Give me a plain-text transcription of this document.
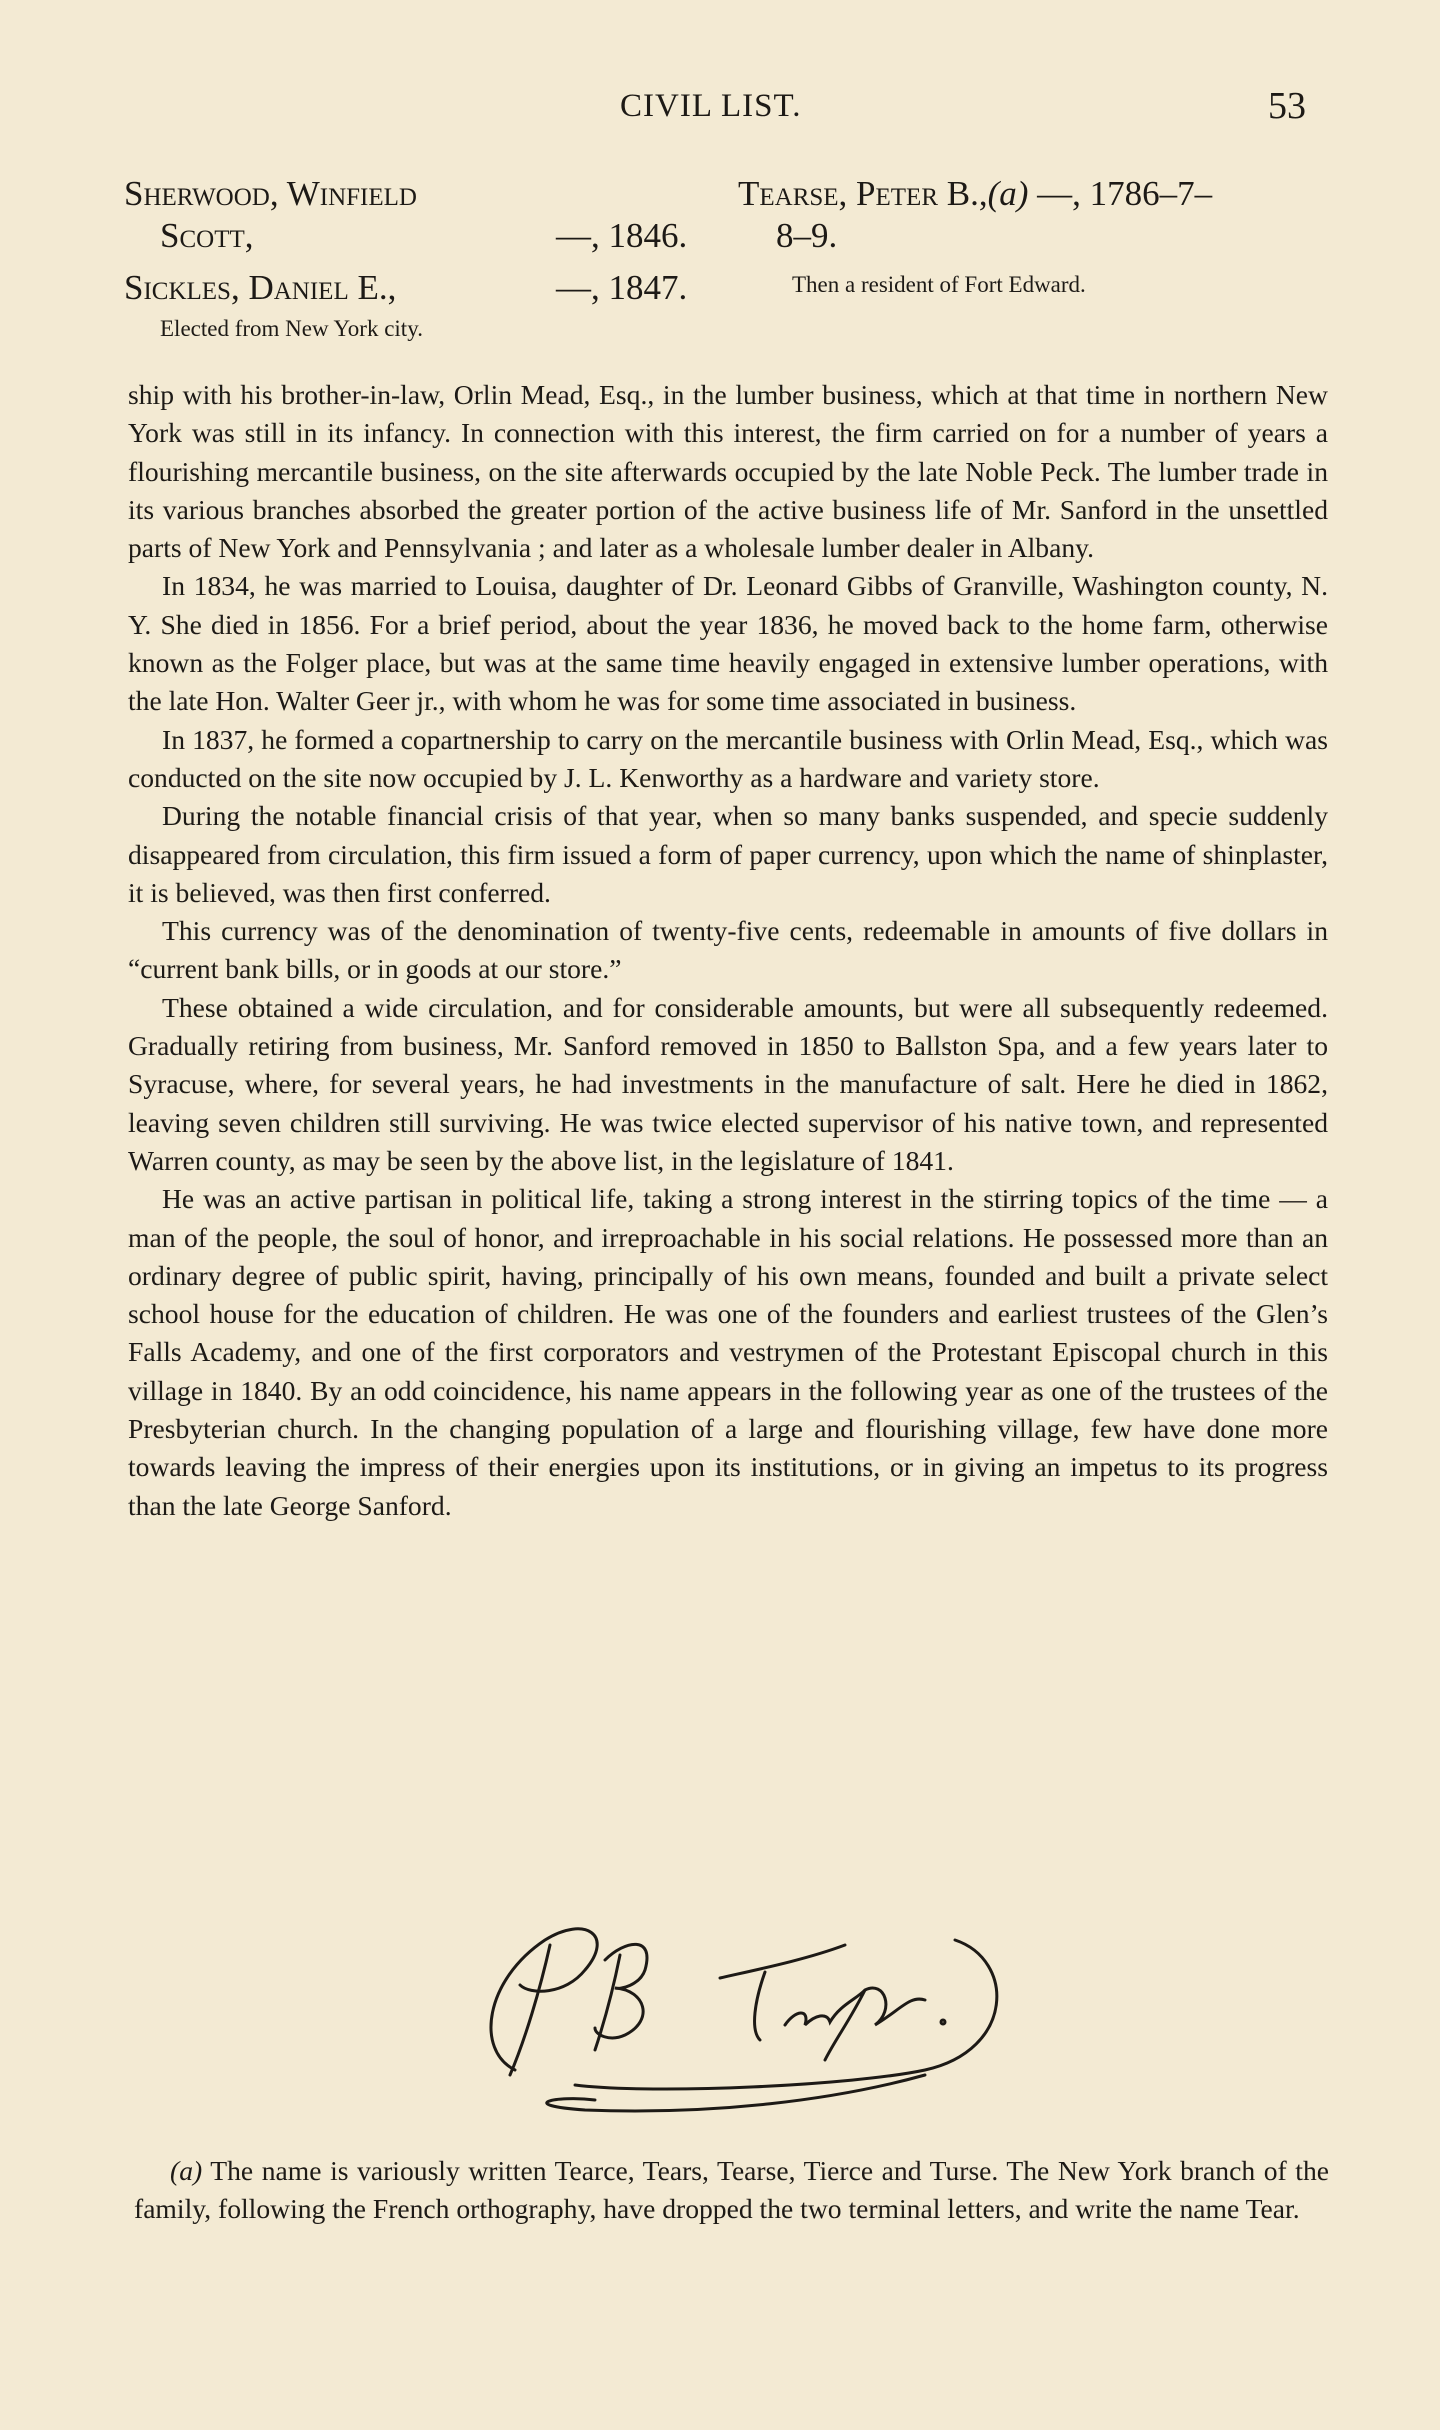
CIVIL LIST.	53
Sherwood, Winfield
Scott,	—, 1846.
Sickles, Daniel E.,	—, 1847.
Elected from New York city.
Tearse, Peter B.,(a) —, 1786–7–
8–9.
Then a resident of Fort Edward.

ship with his brother-in-law, Orlin Mead, Esq., in the lumber business, which at that time in northern New York was still in its infancy. In connection with this interest, the firm carried on for a number of years a flourishing mercantile business, on the site afterwards occupied by the late Noble Peck. The lumber trade in its various branches absorbed the greater portion of the active business life of Mr. Sanford in the unsettled parts of New York and Pennsylvania ; and later as a wholesale lumber dealer in Albany.

In 1834, he was married to Louisa, daughter of Dr. Leonard Gibbs of Granville, Washington county, N. Y. She died in 1856. For a brief period, about the year 1836, he moved back to the home farm, otherwise known as the Folger place, but was at the same time heavily engaged in extensive lumber operations, with the late Hon. Walter Geer jr., with whom he was for some time associated in business.

In 1837, he formed a copartnership to carry on the mercantile business with Orlin Mead, Esq., which was conducted on the site now occupied by J. L. Kenworthy as a hardware and variety store.

During the notable financial crisis of that year, when so many banks suspended, and specie suddenly disappeared from circulation, this firm issued a form of paper currency, upon which the name of shinplaster, it is believed, was then first conferred.

This currency was of the denomination of twenty-five cents, redeemable in amounts of five dollars in “current bank bills, or in goods at our store.”

These obtained a wide circulation, and for considerable amounts, but were all subsequently redeemed. Gradually retiring from business, Mr. Sanford removed in 1850 to Ballston Spa, and a few years later to Syracuse, where, for several years, he had investments in the manufacture of salt. Here he died in 1862, leaving seven children still surviving. He was twice elected supervisor of his native town, and represented Warren county, as may be seen by the above list, in the legislature of 1841.

He was an active partisan in political life, taking a strong interest in the stirring topics of the time — a man of the people, the soul of honor, and irreproachable in his social relations. He possessed more than an ordinary degree of public spirit, having, principally of his own means, founded and built a private select school house for the education of children. He was one of the founders and earliest trustees of the Glen’s Falls Academy, and one of the first corporators and vestrymen of the Protestant Episcopal church in this village in 1840. By an odd coincidence, his name appears in the following year as one of the trustees of the Presbyterian church. In the changing population of a large and flourishing village, few have done more towards leaving the impress of their energies upon its institutions, or in giving an impetus to its progress than the late George Sanford.

(a) The name is variously written Tearce, Tears, Tearse, Tierce and Turse. The New York branch of the family, following the French orthography, have dropped the two terminal letters, and write the name Tear.
